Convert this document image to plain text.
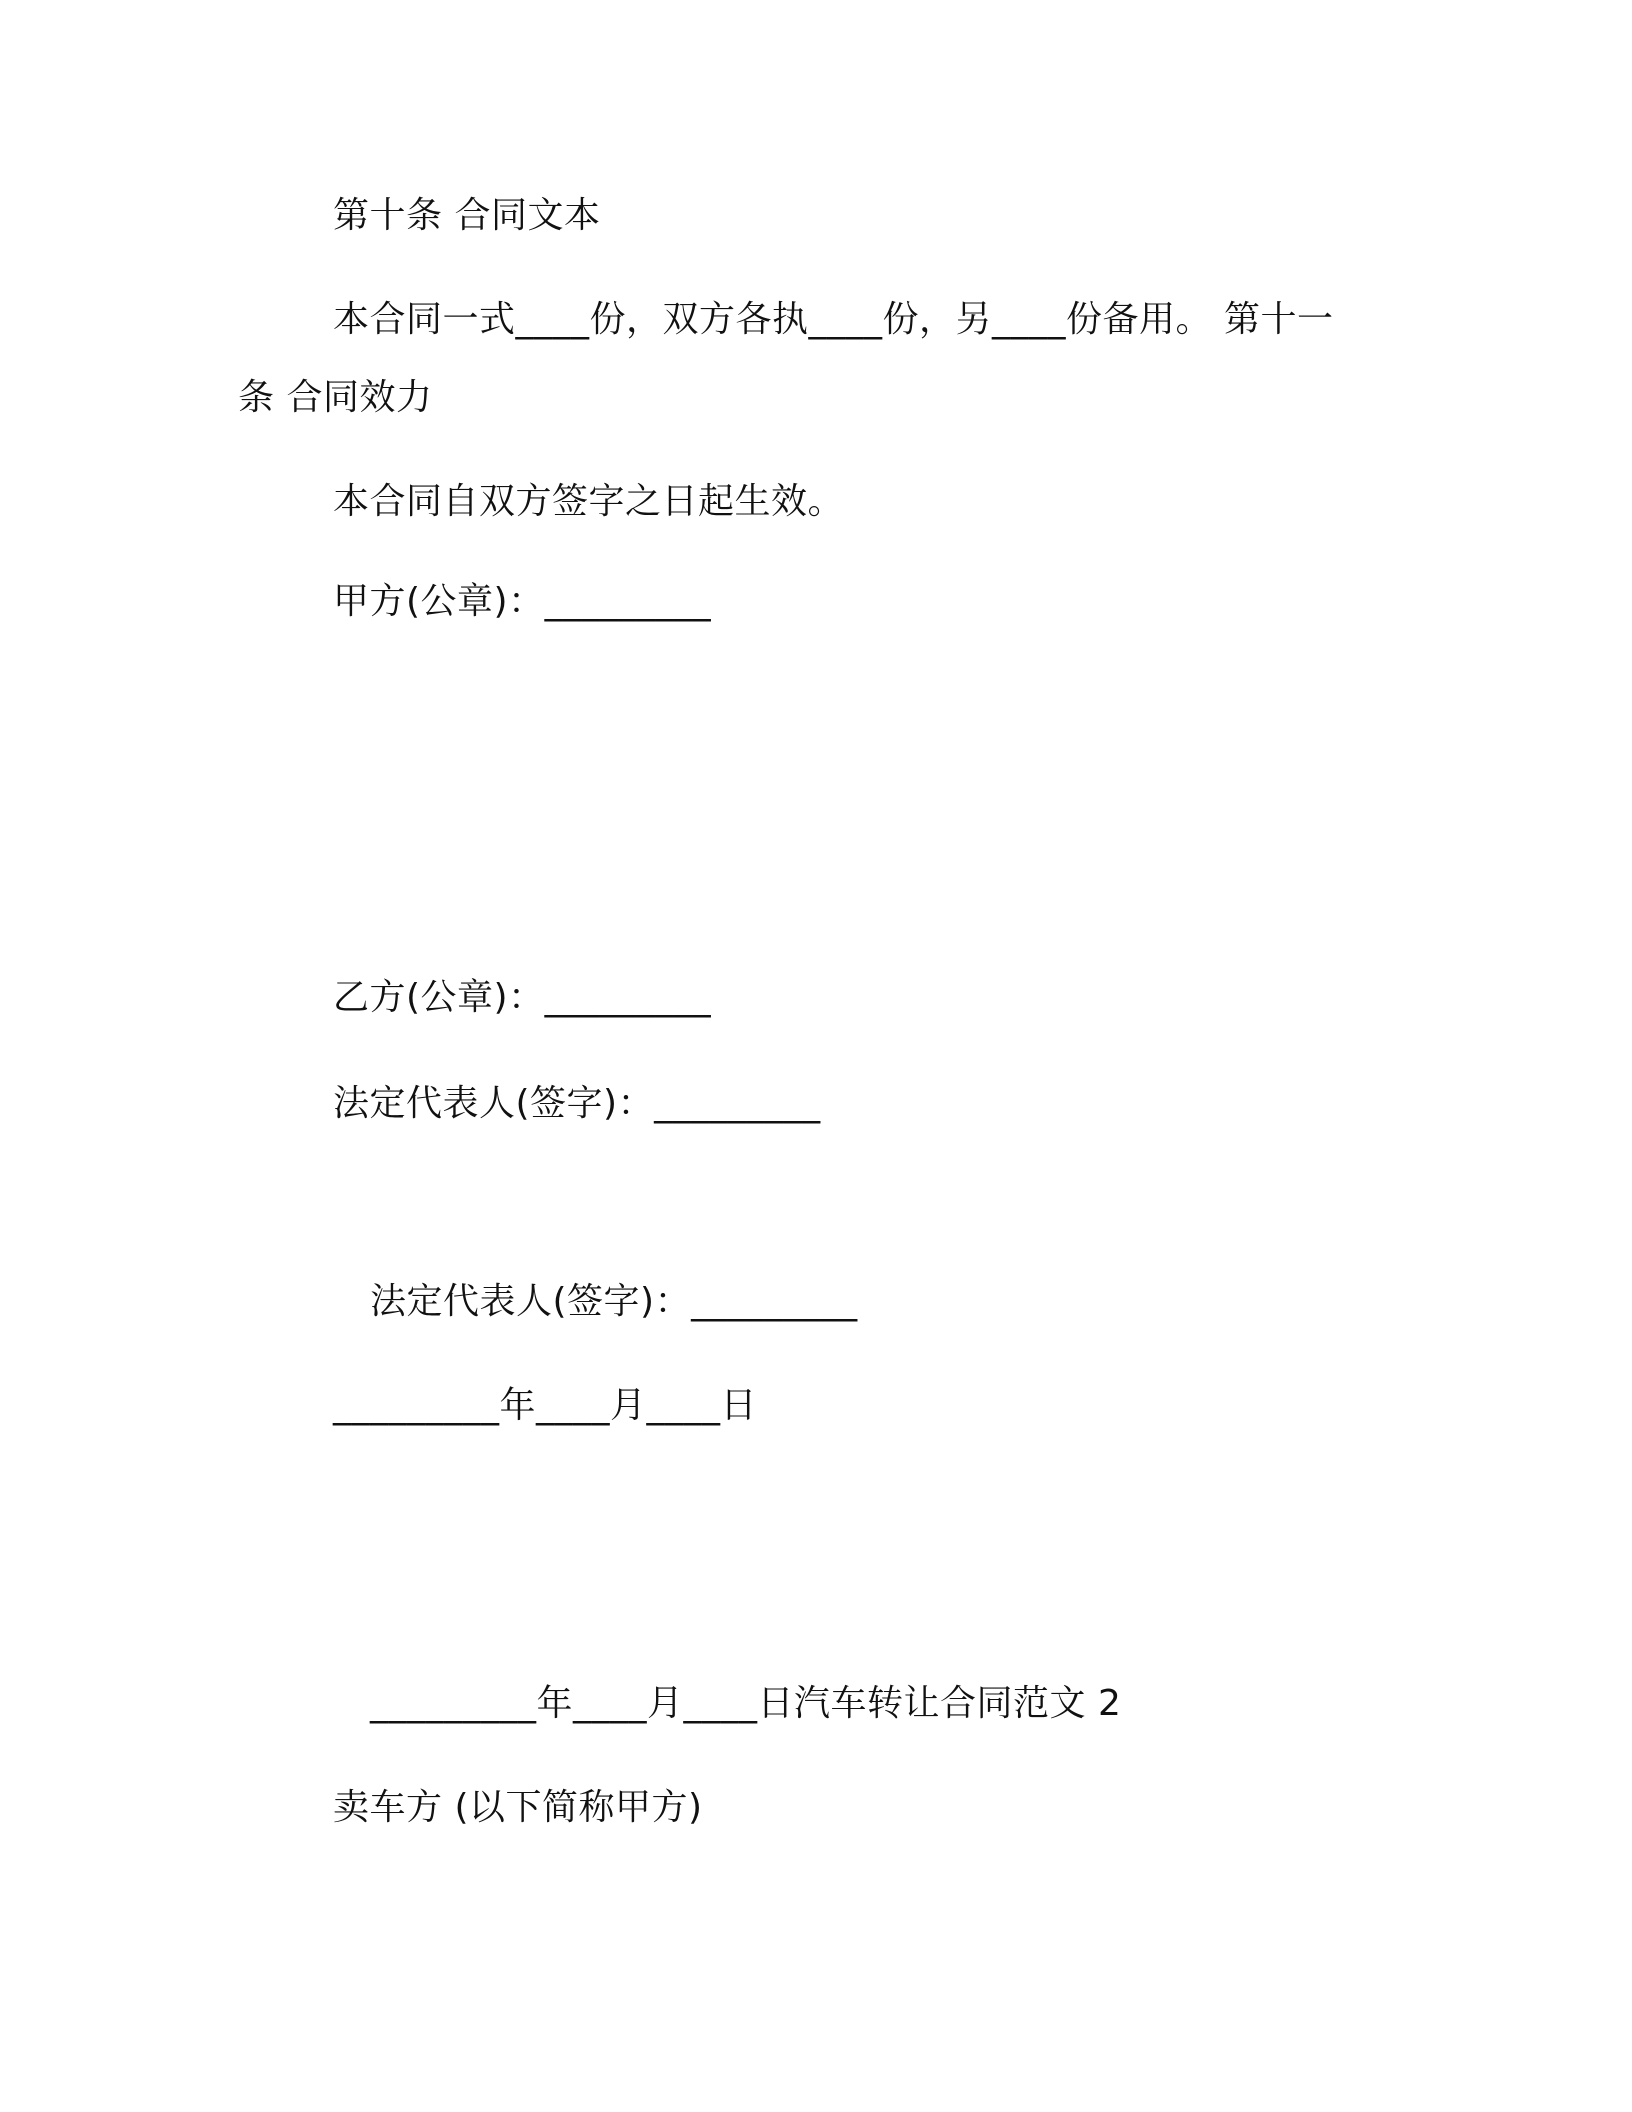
第十条 合同文本
本合同一式____份，双方各执____份，另____份备用。 第十一
条 合同效力
本合同自双方签字之日起生效。
甲方(公章)：_________
乙方(公章)：_________
法定代表人(签字)：_________
法定代表人(签字)：_________
_________年____月____日
_________年____月____日汽车转让合同范文 2
卖车方 (以下简称甲方)
